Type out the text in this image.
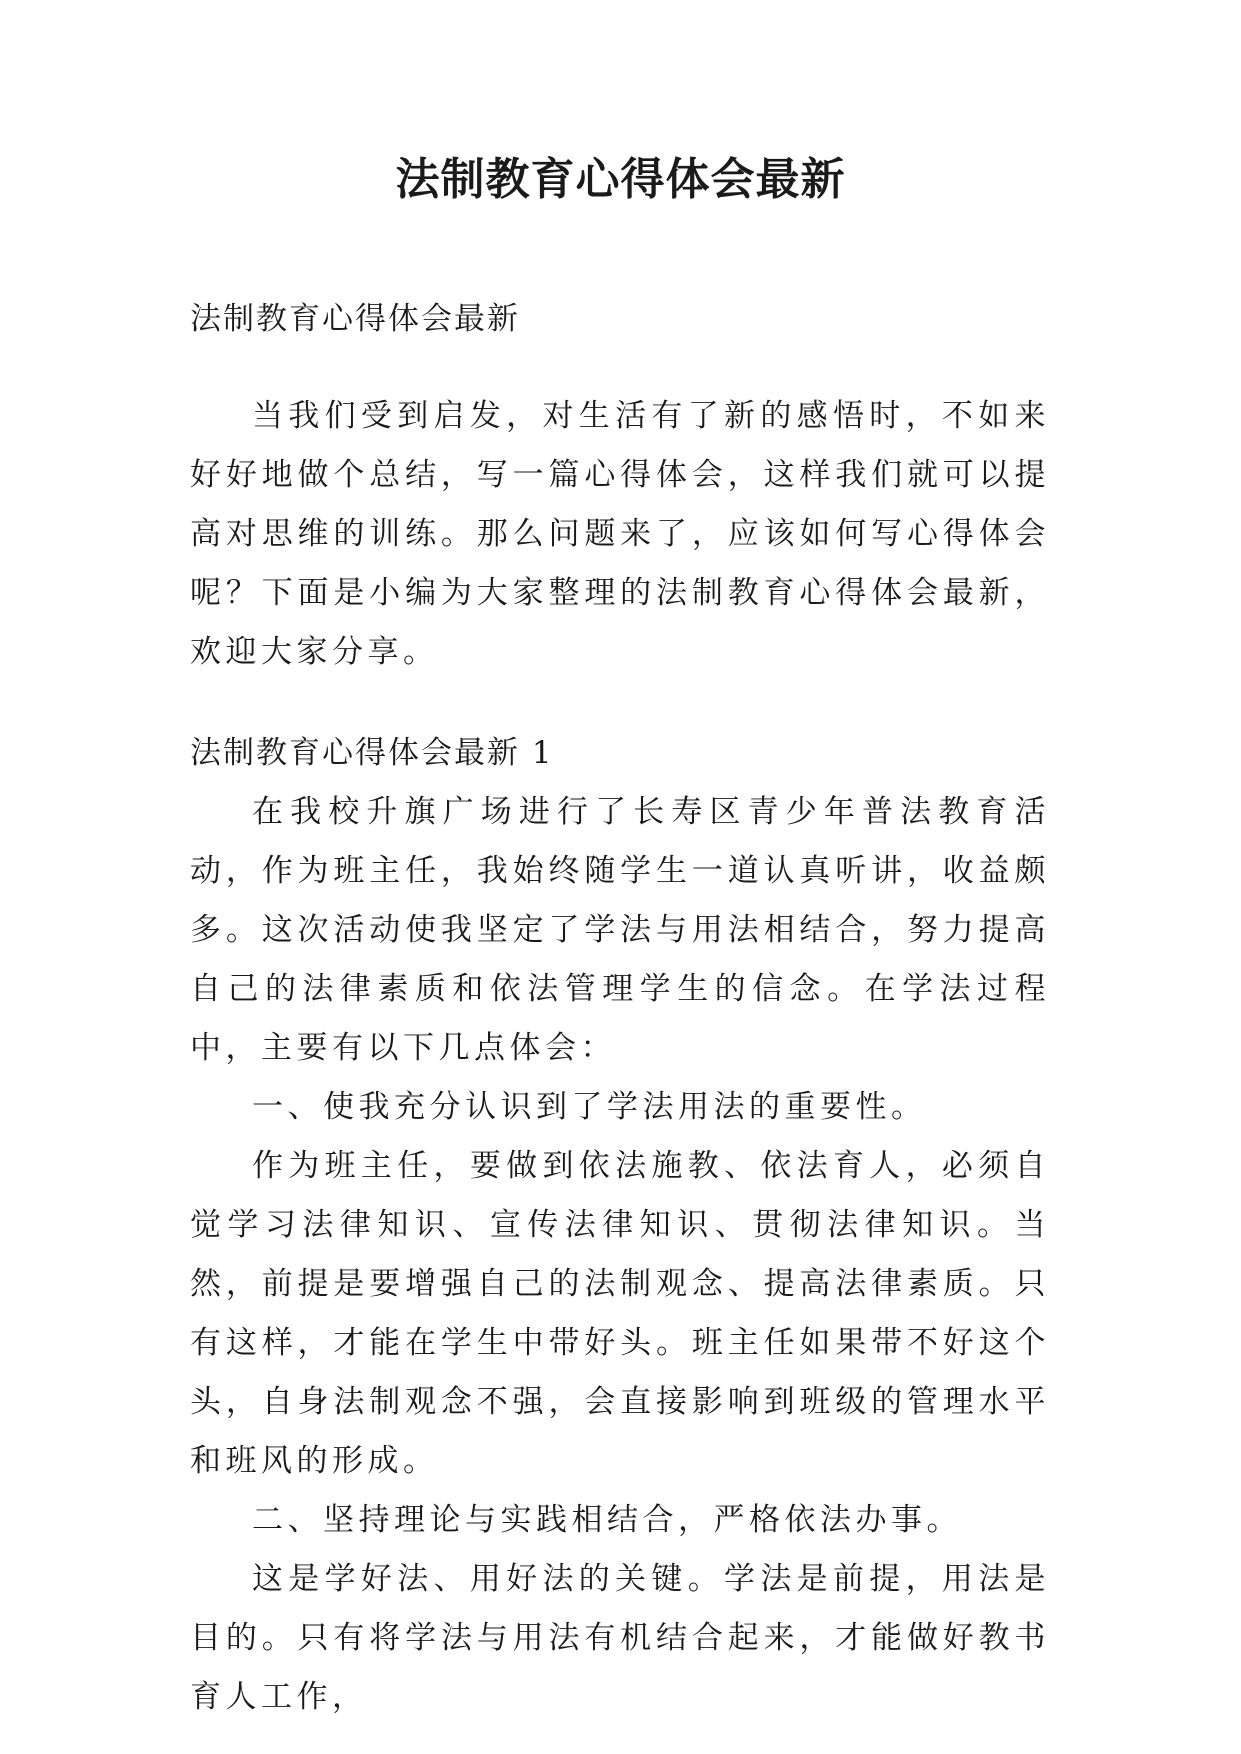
法制教育心得体会最新

法制教育心得体会最新

当我们受到启发，对生活有了新的感悟时，不如来好好地做个总结，写一篇心得体会，这样我们就可以提高对思维的训练。那么问题来了，应该如何写心得体会呢？下面是小编为大家整理的法制教育心得体会最新，欢迎大家分享。

法制教育心得体会最新 1

在我校升旗广场进行了长寿区青少年普法教育活动，作为班主任，我始终随学生一道认真听讲，收益颇多。这次活动使我坚定了学法与用法相结合，努力提高自己的法律素质和依法管理学生的信念。在学法过程中，主要有以下几点体会：

一、使我充分认识到了学法用法的重要性。

作为班主任，要做到依法施教、依法育人，必须自觉学习法律知识、宣传法律知识、贯彻法律知识。当然，前提是要增强自己的法制观念、提高法律素质。只有这样，才能在学生中带好头。班主任如果带不好这个头，自身法制观念不强，会直接影响到班级的管理水平和班风的形成。

二、坚持理论与实践相结合，严格依法办事。

这是学好法、用好法的关键。学法是前提，用法是目的。只有将学法与用法有机结合起来，才能做好教书育人工作，
